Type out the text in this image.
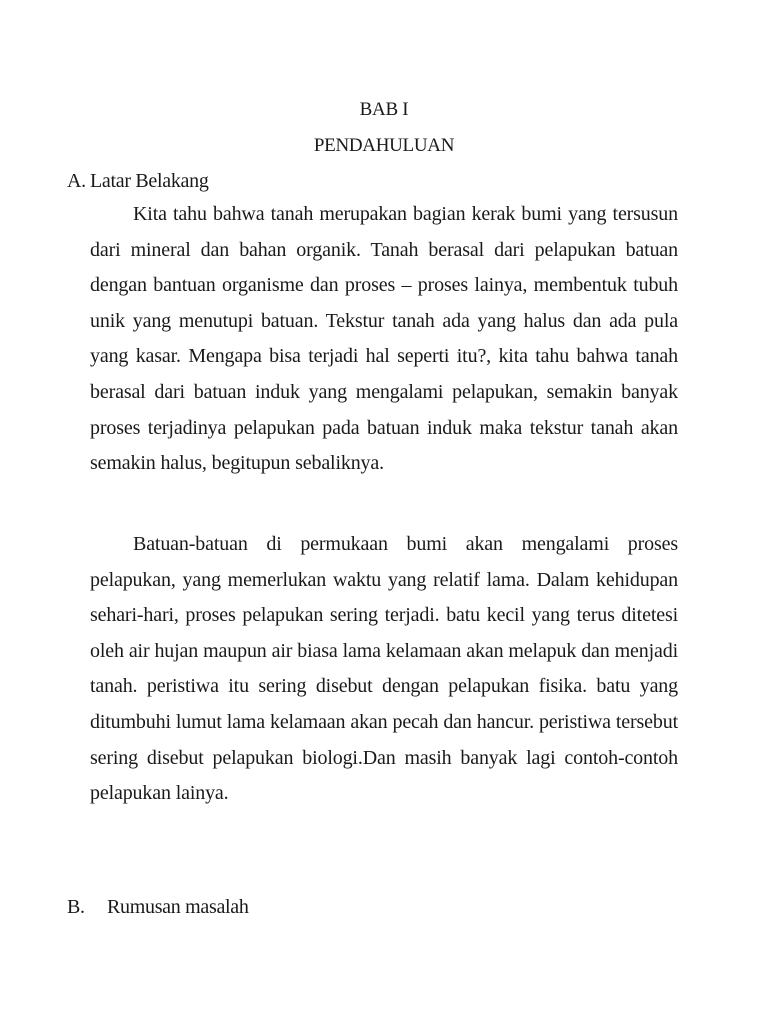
BAB I
PENDAHULUAN
A. Latar Belakang

Kita tahu bahwa tanah merupakan bagian kerak bumi yang tersusun dari mineral dan bahan organik. Tanah berasal dari pelapukan batuan dengan bantuan organisme dan proses – proses lainya, membentuk tubuh unik yang menutupi batuan. Tekstur tanah ada yang halus dan ada pula yang kasar. Mengapa bisa terjadi hal seperti itu?, kita tahu bahwa tanah berasal dari batuan induk yang mengalami pelapukan, semakin banyak proses terjadinya pelapukan pada batuan induk maka tekstur tanah akan semakin halus, begitupun sebaliknya.

Batuan-batuan di permukaan bumi akan mengalami proses pelapukan, yang memerlukan waktu yang relatif lama. Dalam kehidupan sehari-hari, proses pelapukan sering terjadi. batu kecil yang terus ditetesi oleh air hujan maupun air biasa lama kelamaan akan melapuk dan menjadi tanah. peristiwa itu sering disebut dengan pelapukan fisika. batu yang ditumbuhi lumut lama kelamaan akan pecah dan hancur. peristiwa tersebut sering disebut pelapukan biologi.Dan masih banyak lagi contoh-contoh pelapukan lainya.

B. Rumusan masalah
